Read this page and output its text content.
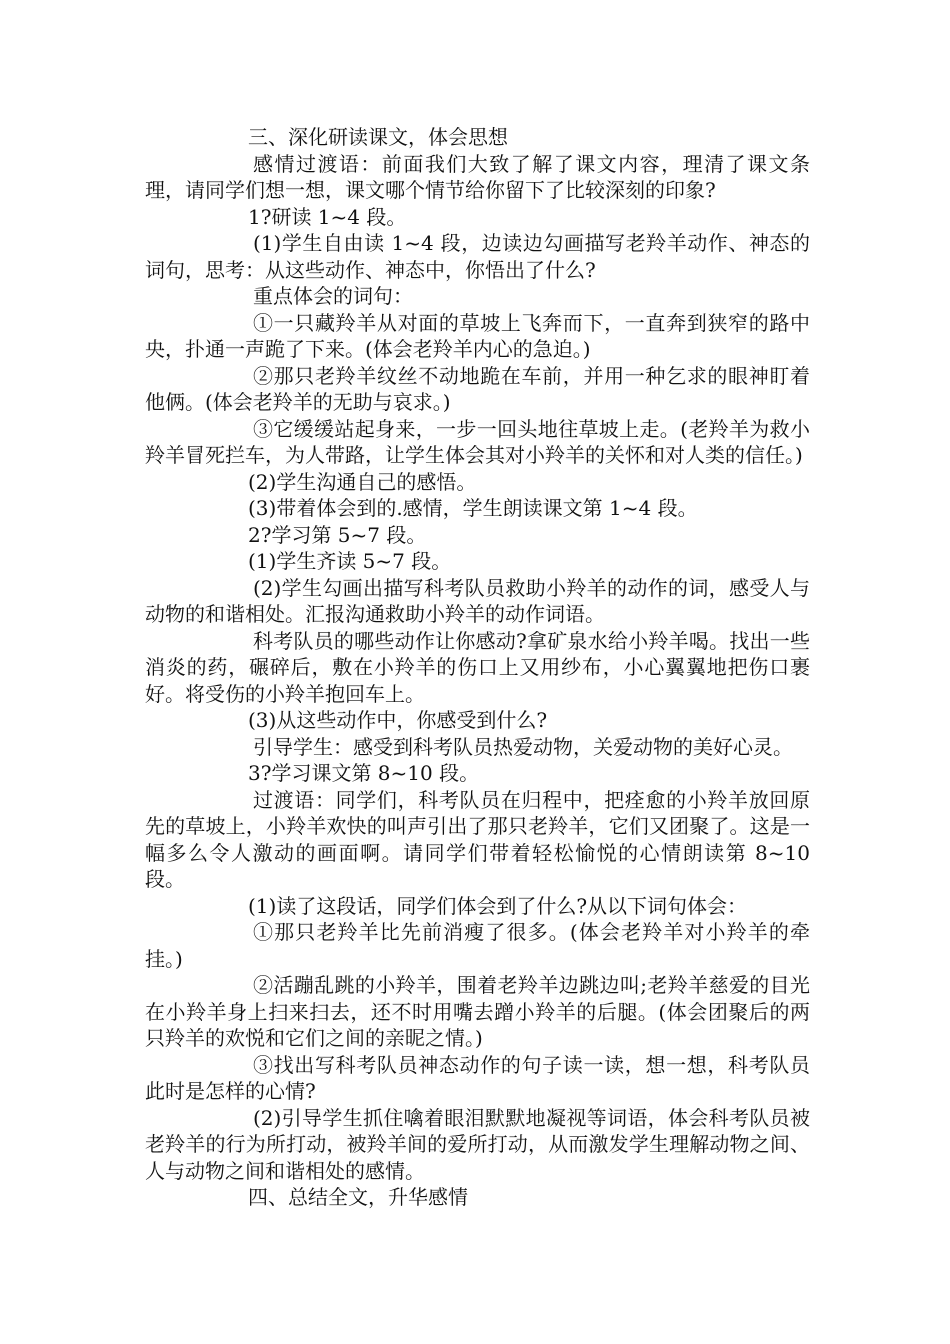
三、深化研读课文，体会思想

感情过渡语：前面我们大致了解了课文内容，理清了课文条理，请同学们想一想，课文哪个情节给你留下了比较深刻的印象?

1?研读 1~4 段。

(1)学生自由读 1~4 段，边读边勾画描写老羚羊动作、神态的词句，思考：从这些动作、神态中，你悟出了什么?

重点体会的词句：

①一只藏羚羊从对面的草坡上飞奔而下，一直奔到狭窄的路中央，扑通一声跪了下来。(体会老羚羊内心的急迫。)

②那只老羚羊纹丝不动地跪在车前，并用一种乞求的眼神盯着他俩。(体会老羚羊的无助与哀求。)

③它缓缓站起身来，一步一回头地往草坡上走。(老羚羊为救小羚羊冒死拦车，为人带路，让学生体会其对小羚羊的关怀和对人类的信任。)

(2)学生沟通自己的感悟。

(3)带着体会到的.感情，学生朗读课文第 1~4 段。

2?学习第 5~7 段。

(1)学生齐读 5~7 段。

(2)学生勾画出描写科考队员救助小羚羊的动作的词，感受人与动物的和谐相处。汇报沟通救助小羚羊的动作词语。

科考队员的哪些动作让你感动?拿矿泉水给小羚羊喝。找出一些消炎的药，碾碎后，敷在小羚羊的伤口上又用纱布，小心翼翼地把伤口裹好。将受伤的小羚羊抱回车上。

(3)从这些动作中，你感受到什么?

引导学生：感受到科考队员热爱动物，关爱动物的美好心灵。

3?学习课文第 8~10 段。

过渡语：同学们，科考队员在归程中，把痊愈的小羚羊放回原先的草坡上，小羚羊欢快的叫声引出了那只老羚羊，它们又团聚了。这是一幅多么令人激动的画面啊。请同学们带着轻松愉悦的心情朗读第 8~10 段。

(1)读了这段话，同学们体会到了什么?从以下词句体会：

①那只老羚羊比先前消瘦了很多。(体会老羚羊对小羚羊的牵挂。)

②活蹦乱跳的小羚羊，围着老羚羊边跳边叫;老羚羊慈爱的目光在小羚羊身上扫来扫去，还不时用嘴去蹭小羚羊的后腿。(体会团聚后的两只羚羊的欢悦和它们之间的亲昵之情。)

③找出写科考队员神态动作的句子读一读，想一想，科考队员此时是怎样的心情?

(2)引导学生抓住噙着眼泪默默地凝视等词语，体会科考队员被老羚羊的行为所打动，被羚羊间的爱所打动，从而激发学生理解动物之间、人与动物之间和谐相处的感情。

四、总结全文，升华感情
